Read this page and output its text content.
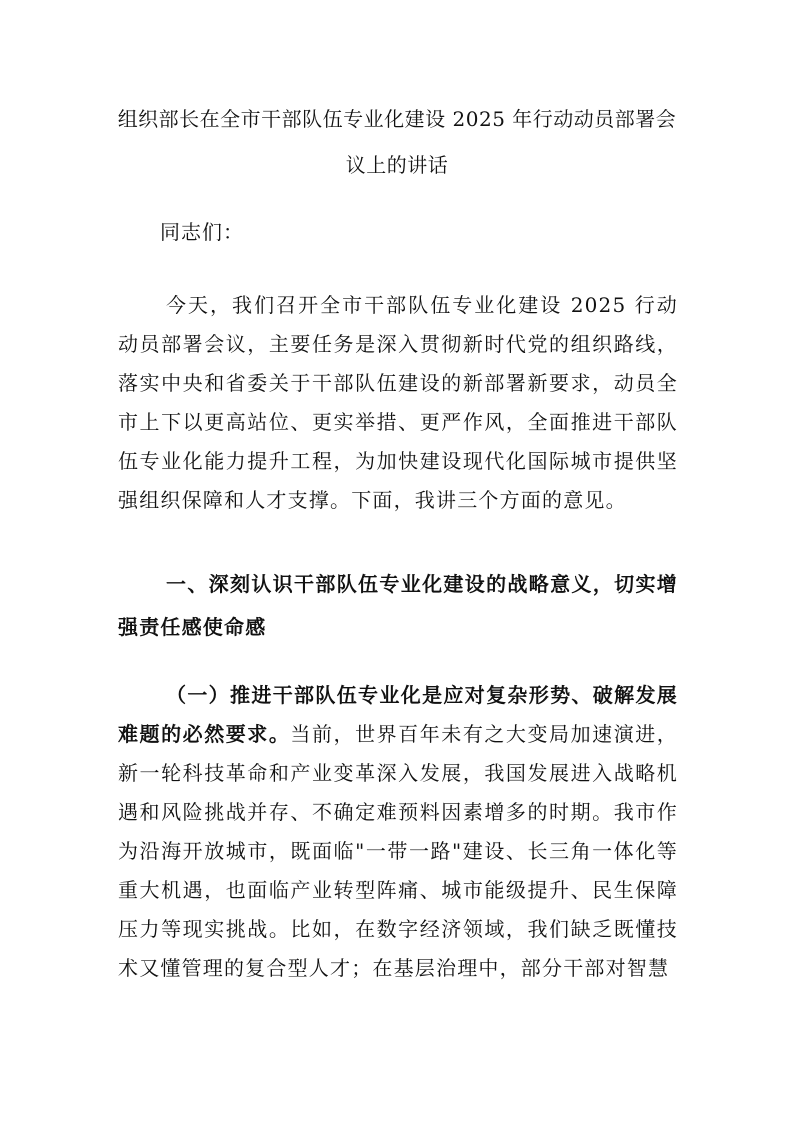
组织部长在全市干部队伍专业化建设 2025 年行动动员部署会议上的讲话
同志们：

今天，我们召开全市干部队伍专业化建设 2025 行动动员部署会议，主要任务是深入贯彻新时代党的组织路线，落实中央和省委关于干部队伍建设的新部署新要求，动员全市上下以更高站位、更实举措、更严作风，全面推进干部队伍专业化能力提升工程，为加快建设现代化国际城市提供坚强组织保障和人才支撑。下面，我讲三个方面的意见。

一、深刻认识干部队伍专业化建设的战略意义，切实增强责任感使命感

（一）推进干部队伍专业化是应对复杂形势、破解发展难题的必然要求。当前，世界百年未有之大变局加速演进，新一轮科技革命和产业变革深入发展，我国发展进入战略机遇和风险挑战并存、不确定难预料因素增多的时期。我市作为沿海开放城市，既面临"一带一路"建设、长三角一体化等重大机遇，也面临产业转型阵痛、城市能级提升、民生保障压力等现实挑战。比如，在数字经济领域，我们缺乏既懂技术又懂管理的复合型人才；在基层治理中，部分干部对智慧
